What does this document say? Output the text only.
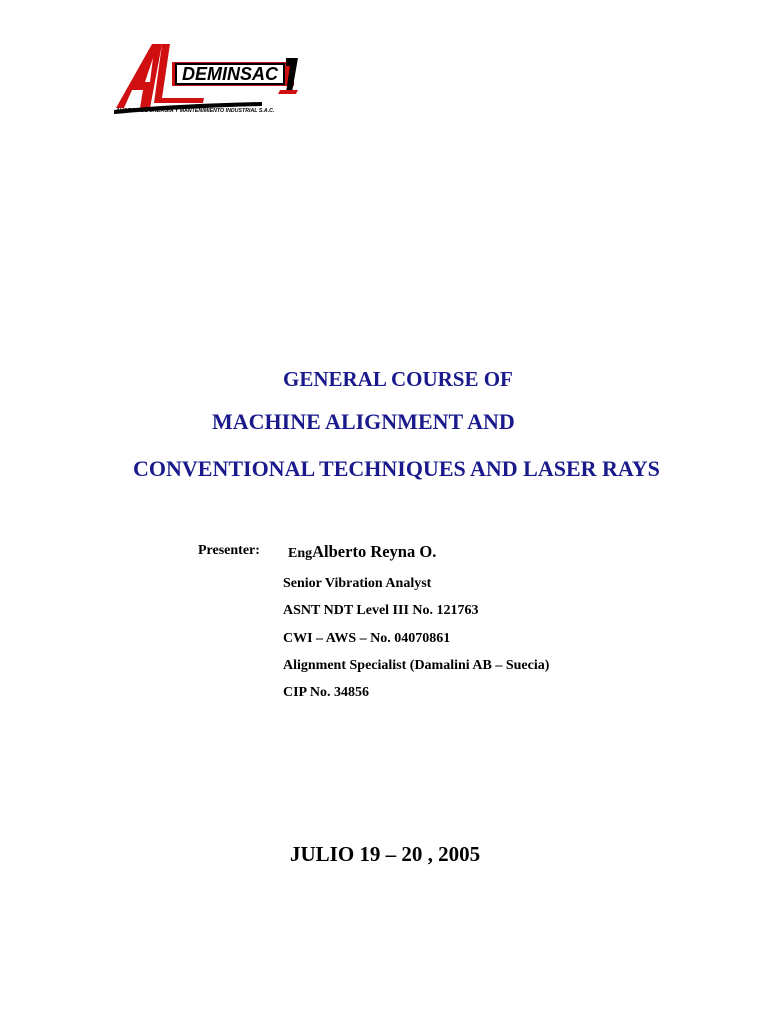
DEMINSAC
AHORRO DE ENERGIA Y MANTENIMIENTO INDUSTRIAL S.A.C.
GENERAL COURSE OF
MACHINE ALIGNMENT AND
CONVENTIONAL TECHNIQUES AND LASER RAYS
Presenter: EngAlberto Reyna O.
Senior Vibration Analyst
ASNT NDT Level III No. 121763
CWI – AWS – No. 04070861
Alignment Specialist (Damalini AB – Suecia)
CIP No. 34856
JULIO 19 – 20 , 2005
